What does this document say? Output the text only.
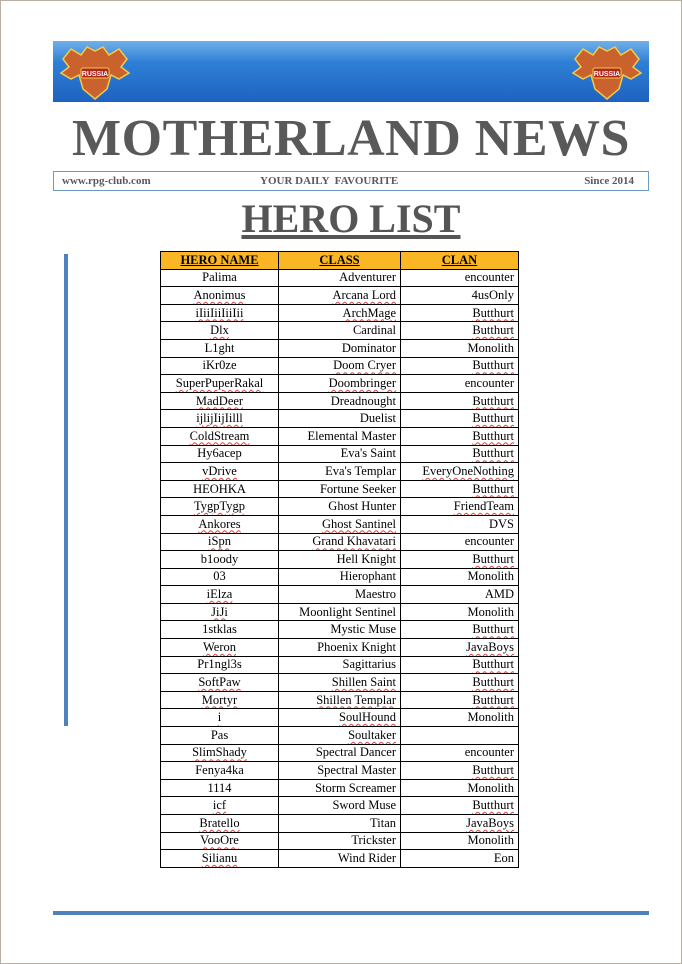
RUSSIA	RUSSIA
MOTHERLAND NEWS
www.rpg-club.com	YOUR DAILY  FAVOURITE	Since 2014
HERO LIST
HERO NAME	CLASS	CLAN
Palima	Adventurer	encounter
Anonimus	Arcana Lord	4usOnly
iIiiIiiIiiIii	ArchMage	Butthurt
Dlx	Cardinal	Butthurt
L1ght	Dominator	Monolith
iKr0ze	Doom Cryer	Butthurt
SuperPuperRakal	Doombringer	encounter
MadDeer	Dreadnought	Butthurt
ijlijIijIilll	Duelist	Butthurt
ColdStream	Elemental Master	Butthurt
Hy6acep	Eva's Saint	Butthurt
vDrive	Eva's Templar	EveryOneNothing
HEOHKA	Fortune Seeker	Butthurt
TygpTygp	Ghost Hunter	FriendTeam
Ankores	Ghost Santinel	DVS
iSpn	Grand Khavatari	encounter
b1oody	Hell Knight	Butthurt
03	Hierophant	Monolith
iElza	Maestro	AMD
JiJi	Moonlight Sentinel	Monolith
1stklas	Mystic Muse	Butthurt
Weron	Phoenix Knight	JavaBoys
Pr1ngl3s	Sagittarius	Butthurt
SoftPaw	Shillen Saint	Butthurt
Mortyr	Shillen Templar	Butthurt
i	SoulHound	Monolith
Pas	Soultaker	
SlimShady	Spectral Dancer	encounter
Fenya4ka	Spectral Master	Butthurt
1114	Storm Screamer	Monolith
icf	Sword Muse	Butthurt
Bratello	Titan	JavaBoys
VooOre	Trickster	Monolith
Silianu	Wind Rider	Eon
